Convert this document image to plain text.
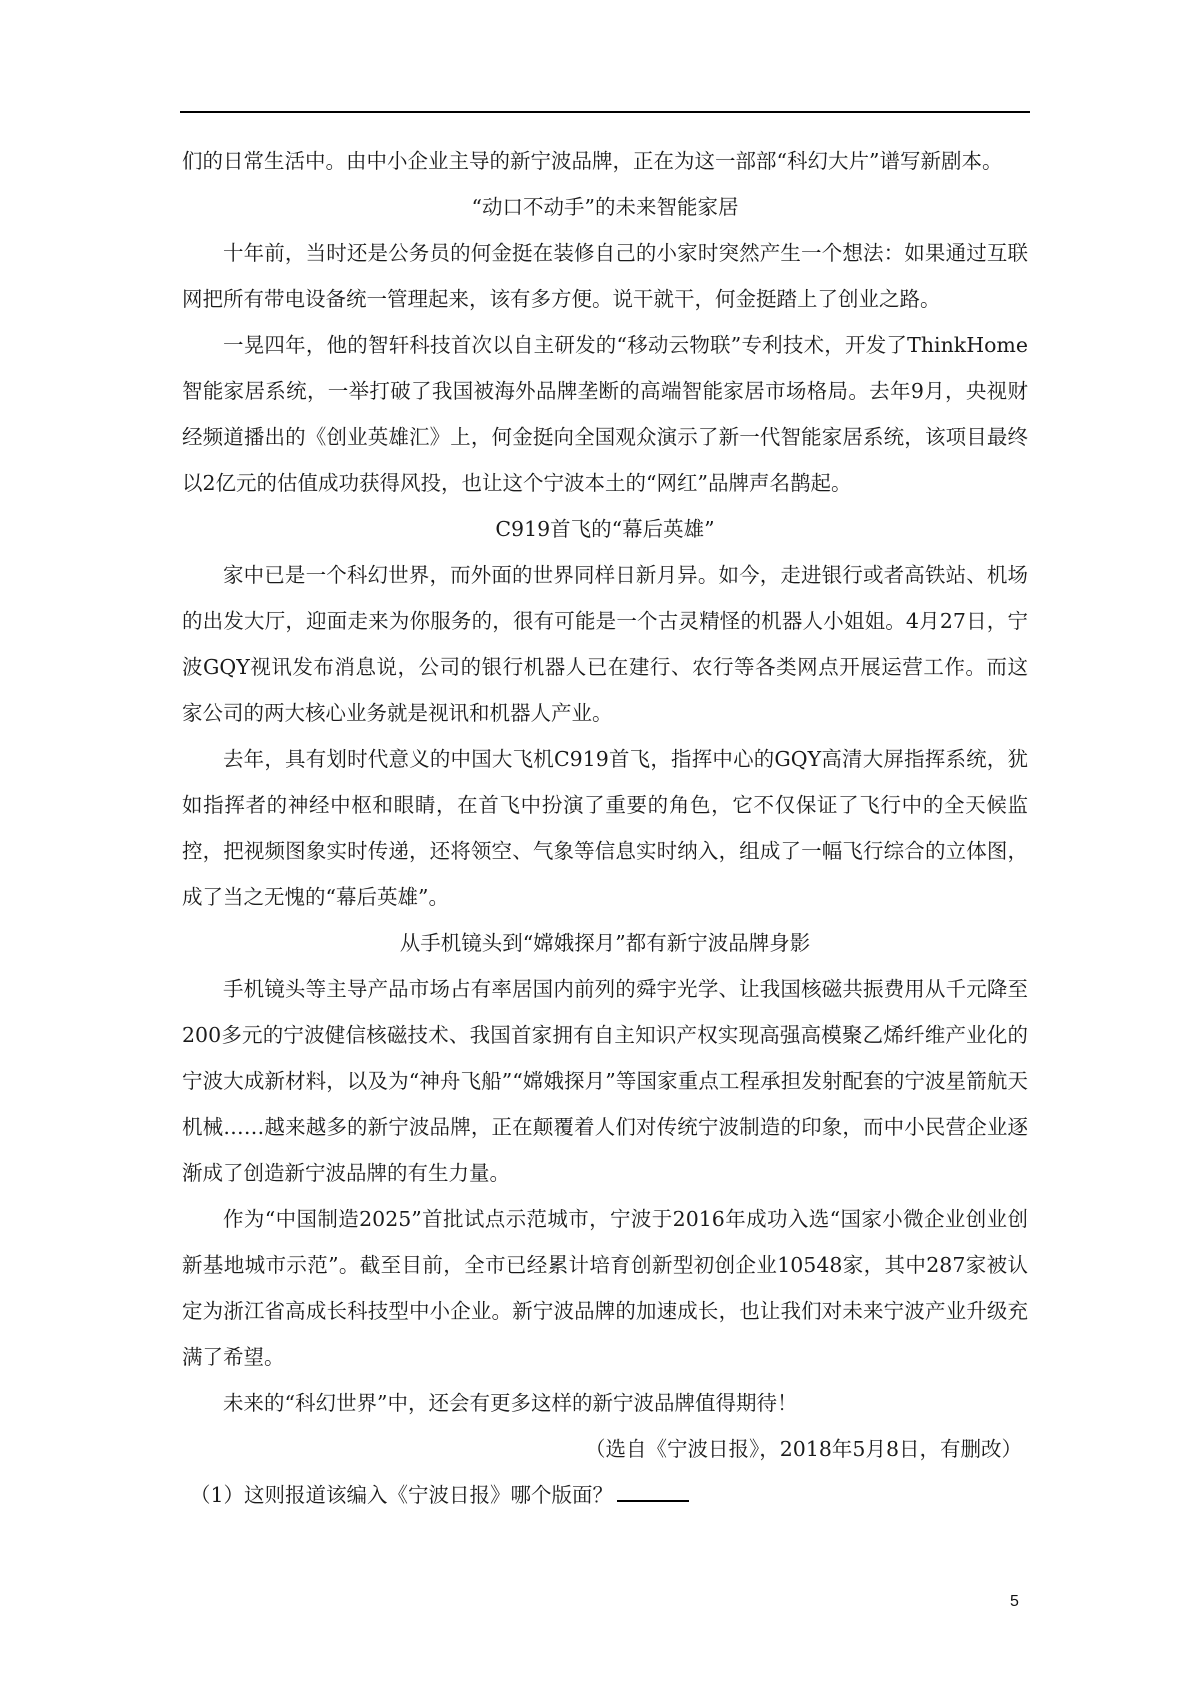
们的日常生活中。由中小企业主导的新宁波品牌，正在为这一部部“科幻大片”谱写新剧本。

“动口不动手”的未来智能家居

十年前，当时还是公务员的何金挺在装修自己的小家时突然产生一个想法：如果通过互联网把所有带电设备统一管理起来，该有多方便。说干就干，何金挺踏上了创业之路。

一晃四年，他的智轩科技首次以自主研发的“移动云物联”专利技术，开发了ThinkHome智能家居系统，一举打破了我国被海外品牌垄断的高端智能家居市场格局。去年9月，央视财经频道播出的《创业英雄汇》上，何金挺向全国观众演示了新一代智能家居系统，该项目最终以2亿元的估值成功获得风投，也让这个宁波本土的“网红”品牌声名鹊起。

C919首飞的“幕后英雄”

家中已是一个科幻世界，而外面的世界同样日新月异。如今，走进银行或者高铁站、机场的出发大厅，迎面走来为你服务的，很有可能是一个古灵精怪的机器人小姐姐。4月27日，宁波GQY视讯发布消息说，公司的银行机器人已在建行、农行等各类网点开展运营工作。而这家公司的两大核心业务就是视讯和机器人产业。

去年，具有划时代意义的中国大飞机C919首飞，指挥中心的GQY高清大屏指挥系统，犹如指挥者的神经中枢和眼睛，在首飞中扮演了重要的角色，它不仅保证了飞行中的全天候监控，把视频图象实时传递，还将领空、气象等信息实时纳入，组成了一幅飞行综合的立体图，成了当之无愧的“幕后英雄”。

从手机镜头到“嫦娥探月”都有新宁波品牌身影

手机镜头等主导产品市场占有率居国内前列的舜宇光学、让我国核磁共振费用从千元降至200多元的宁波健信核磁技术、我国首家拥有自主知识产权实现高强高模聚乙烯纤维产业化的宁波大成新材料，以及为“神舟飞船”“嫦娥探月”等国家重点工程承担发射配套的宁波星箭航天机械……越来越多的新宁波品牌，正在颠覆着人们对传统宁波制造的印象，而中小民营企业逐渐成了创造新宁波品牌的有生力量。

作为“中国制造2025”首批试点示范城市，宁波于2016年成功入选“国家小微企业创业创新基地城市示范”。截至目前，全市已经累计培育创新型初创企业10548家，其中287家被认定为浙江省高成长科技型中小企业。新宁波品牌的加速成长，也让我们对未来宁波产业升级充满了希望。

未来的“科幻世界”中，还会有更多这样的新宁波品牌值得期待！

（选自《宁波日报》，2018年5月8日，有删改）

（1）这则报道该编入《宁波日报》哪个版面？

5
